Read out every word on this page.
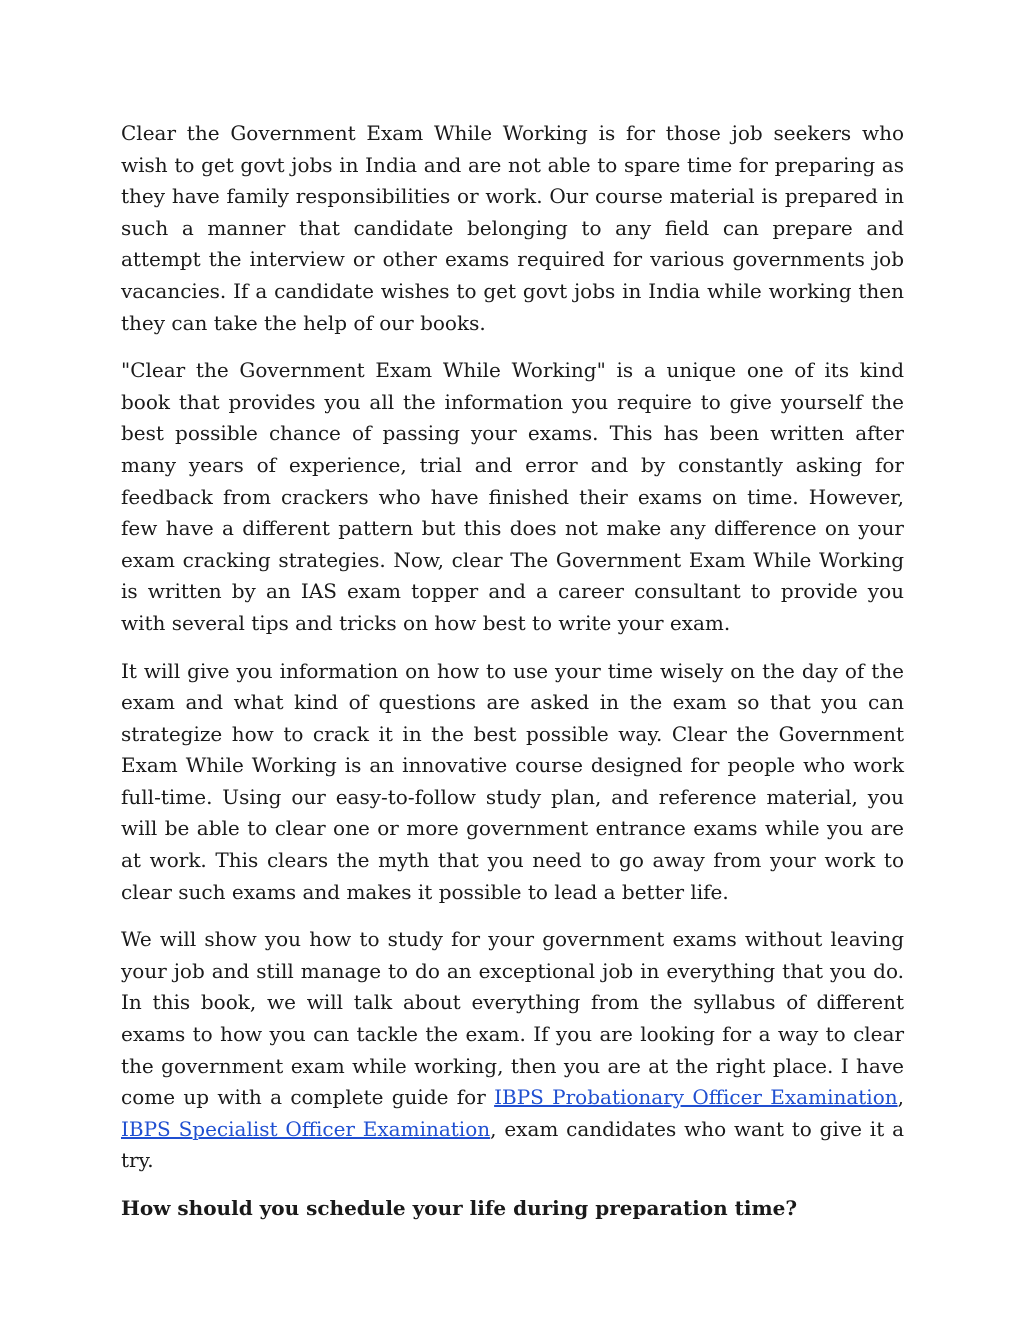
Clear the Government Exam While Working is for those job seekers who wish to get govt jobs in India and are not able to spare time for preparing as they have family responsibilities or work. Our course material is prepared in such a manner that candidate belonging to any field can prepare and attempt the interview or other exams required for various governments job vacancies. If a candidate wishes to get govt jobs in India while working then they can take the help of our books.

"Clear the Government Exam While Working" is a unique one of its kind book that provides you all the information you require to give yourself the best possible chance of passing your exams. This has been written after many years of experience, trial and error and by constantly asking for feedback from crackers who have finished their exams on time. However, few have a different pattern but this does not make any difference on your exam cracking strategies. Now, clear The Government Exam While Working is written by an IAS exam topper and a career consultant to provide you with several tips and tricks on how best to write your exam.

It will give you information on how to use your time wisely on the day of the exam and what kind of questions are asked in the exam so that you can strategize how to crack it in the best possible way. Clear the Government Exam While Working is an innovative course designed for people who work full-time. Using our easy-to-follow study plan, and reference material, you will be able to clear one or more government entrance exams while you are at work. This clears the myth that you need to go away from your work to clear such exams and makes it possible to lead a better life.

We will show you how to study for your government exams without leaving your job and still manage to do an exceptional job in everything that you do. In this book, we will talk about everything from the syllabus of different exams to how you can tackle the exam. If you are looking for a way to clear the government exam while working, then you are at the right place. I have come up with a complete guide for IBPS Probationary Officer Examination, IBPS Specialist Officer Examination, exam candidates who want to give it a try.

How should you schedule your life during preparation time?
